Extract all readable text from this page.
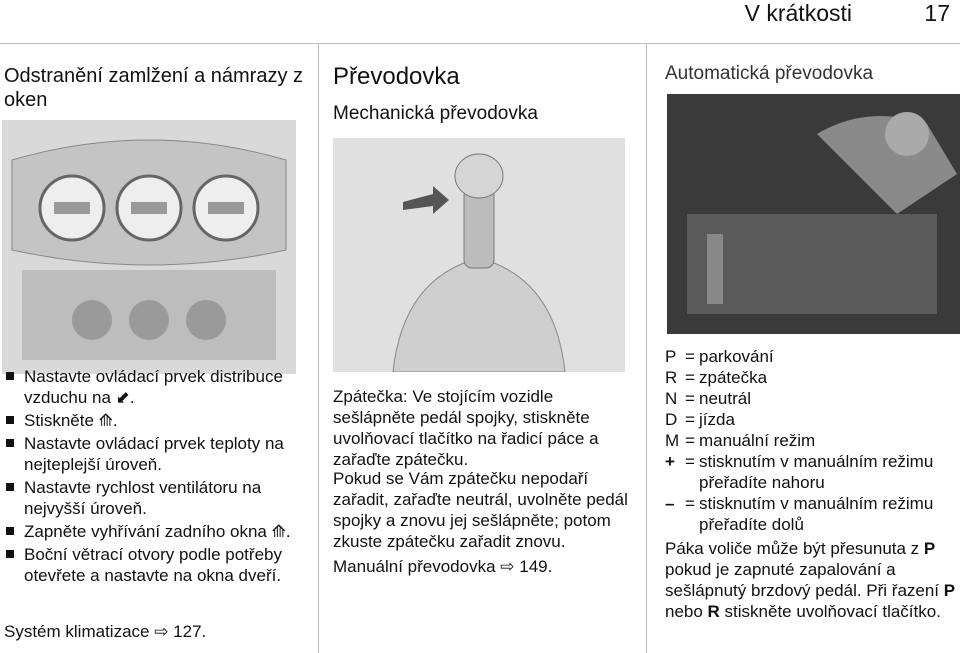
V krátkosti	17
Odstranění zamlžení a námrazy z oken
Nastavte ovládací prvek distribuce vzduchu na ⬋.
Stiskněte ⟰.
Nastavte ovládací prvek teploty na nejteplejší úroveň.
Nastavte rychlost ventilátoru na nejvyšší úroveň.
Zapněte vyhřívání zadního okna ⟰.
Boční větrací otvory podle potřeby otevřete a nastavte na okna dveří.
Systém klimatizace ⇨ 127.
Převodovka
Mechanická převodovka
Zpátečka: Ve stojícím vozidle sešlápněte pedál spojky, stiskněte uvolňovací tlačítko na řadicí páce a zařaďte zpátečku.
Pokud se Vám zpátečku nepodaří zařadit, zařaďte neutrál, uvolněte pedál spojky a znovu jej sešlápněte; potom zkuste zpátečku zařadit znovu.
Manuální převodovka ⇨ 149.
Automatická převodovka
P = parkování
R = zpátečka
N = neutrál
D = jízda
M = manuální režim
+ = stisknutím v manuálním režimu
přeřadíte nahoru
– = stisknutím v manuálním režimu
přeřadíte dolů
Páka voliče může být přesunuta z P pokud je zapnuté zapalování a sešlápnutý brzdový pedál. Při řazení P nebo R stiskněte uvolňovací tlačítko.
